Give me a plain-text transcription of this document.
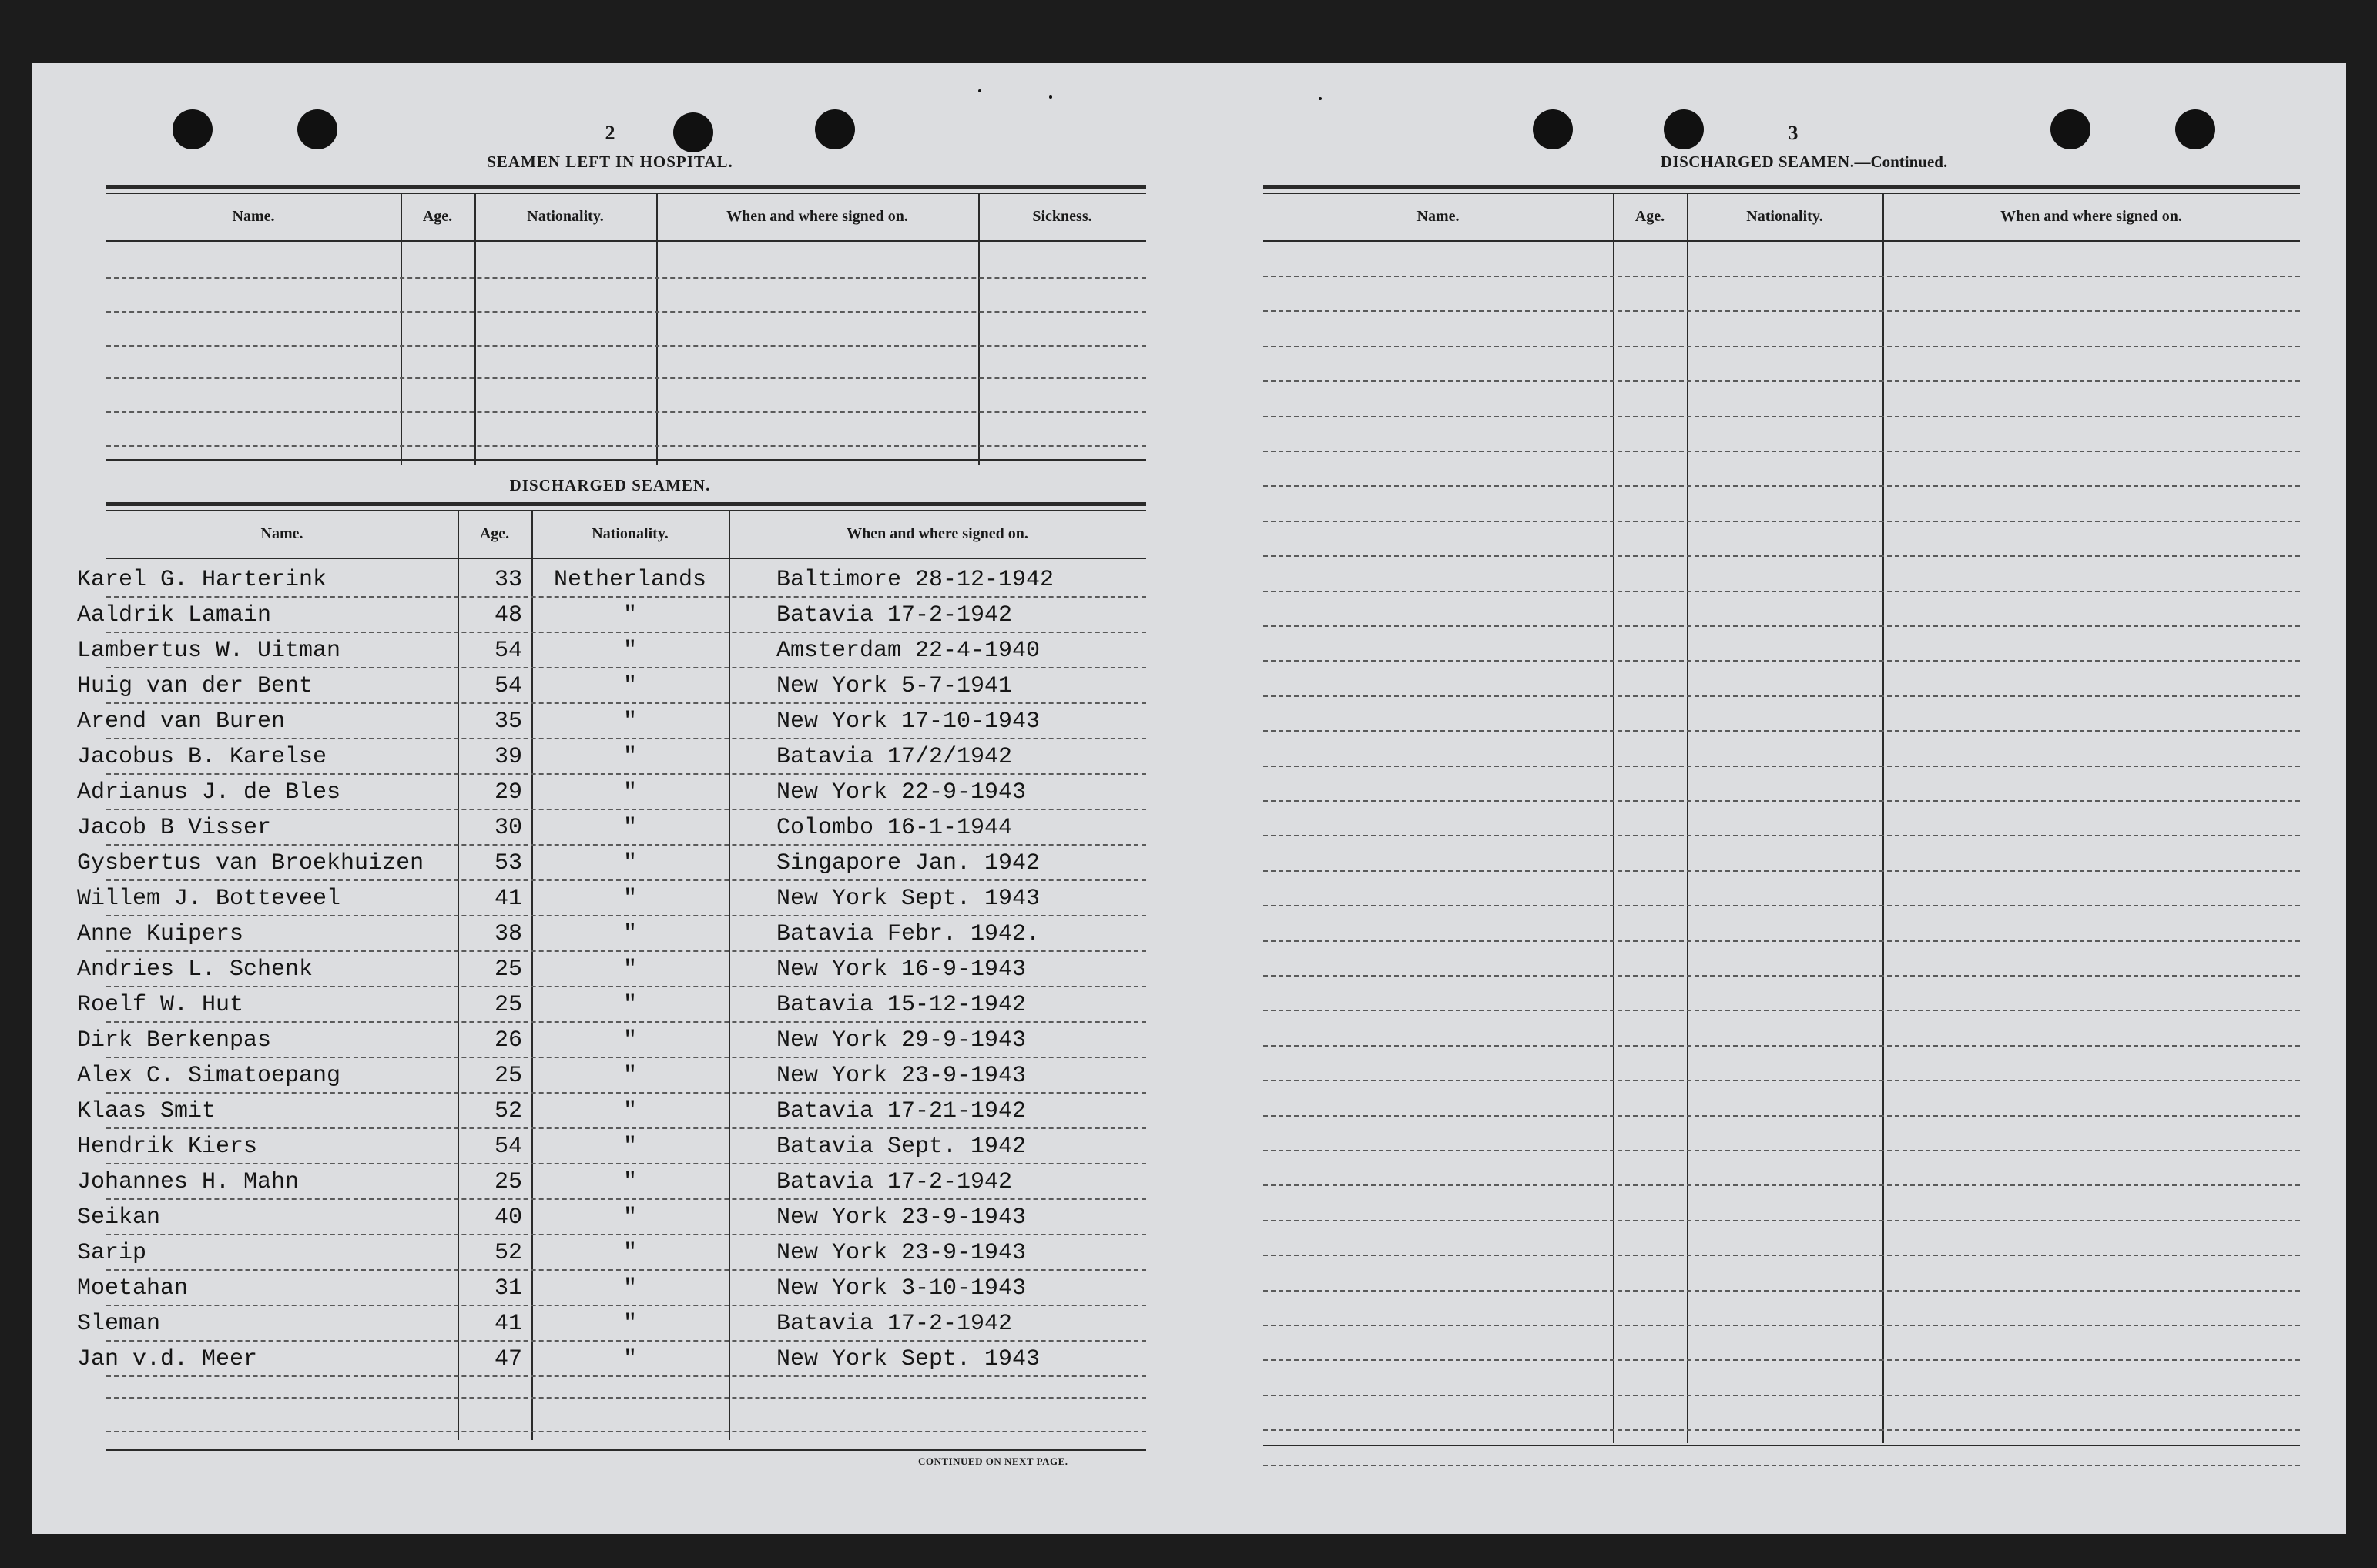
2
SEAMEN LEFT IN HOSPITAL.
Name.	Age.	Nationality.	When and where signed on.	Sickness.
DISCHARGED SEAMEN.
Name.	Age.	Nationality.	When and where signed on.
Karel G. Harterink	33	Netherlands	Baltimore 28-12-1942
Aaldrik Lamain	48	"	Batavia 17-2-1942
Lambertus W. Uitman	54	"	Amsterdam 22-4-1940
Huig van der Bent	54	"	New York 5-7-1941
Arend van Buren	35	"	New York 17-10-1943
Jacobus B. Karelse	39	"	Batavia 17/2/1942
Adrianus J. de Bles	29	"	New York 22-9-1943
Jacob B Visser	30	"	Colombo 16-1-1944
Gysbertus van Broekhuizen	53	"	Singapore Jan. 1942
Willem J. Botteveel	41	"	New York Sept. 1943
Anne Kuipers	38	"	Batavia Febr. 1942.
Andries L. Schenk	25	"	New York 16-9-1943
Roelf W. Hut	25	"	Batavia 15-12-1942
Dirk Berkenpas	26	"	New York 29-9-1943
Alex C. Simatoepang	25	"	New York 23-9-1943
Klaas Smit	52	"	Batavia 17-21-1942
Hendrik Kiers	54	"	Batavia Sept. 1942
Johannes H. Mahn	25	"	Batavia 17-2-1942
Seikan	40	"	New York 23-9-1943
Sarip	52	"	New York 23-9-1943
Moetahan	31	"	New York 3-10-1943
Sleman	41	"	Batavia 17-2-1942
Jan v.d. Meer	47	"	New York Sept. 1943
CONTINUED ON NEXT PAGE.
3
DISCHARGED SEAMEN.—Continued.
Name.	Age.	Nationality.	When and where signed on.
